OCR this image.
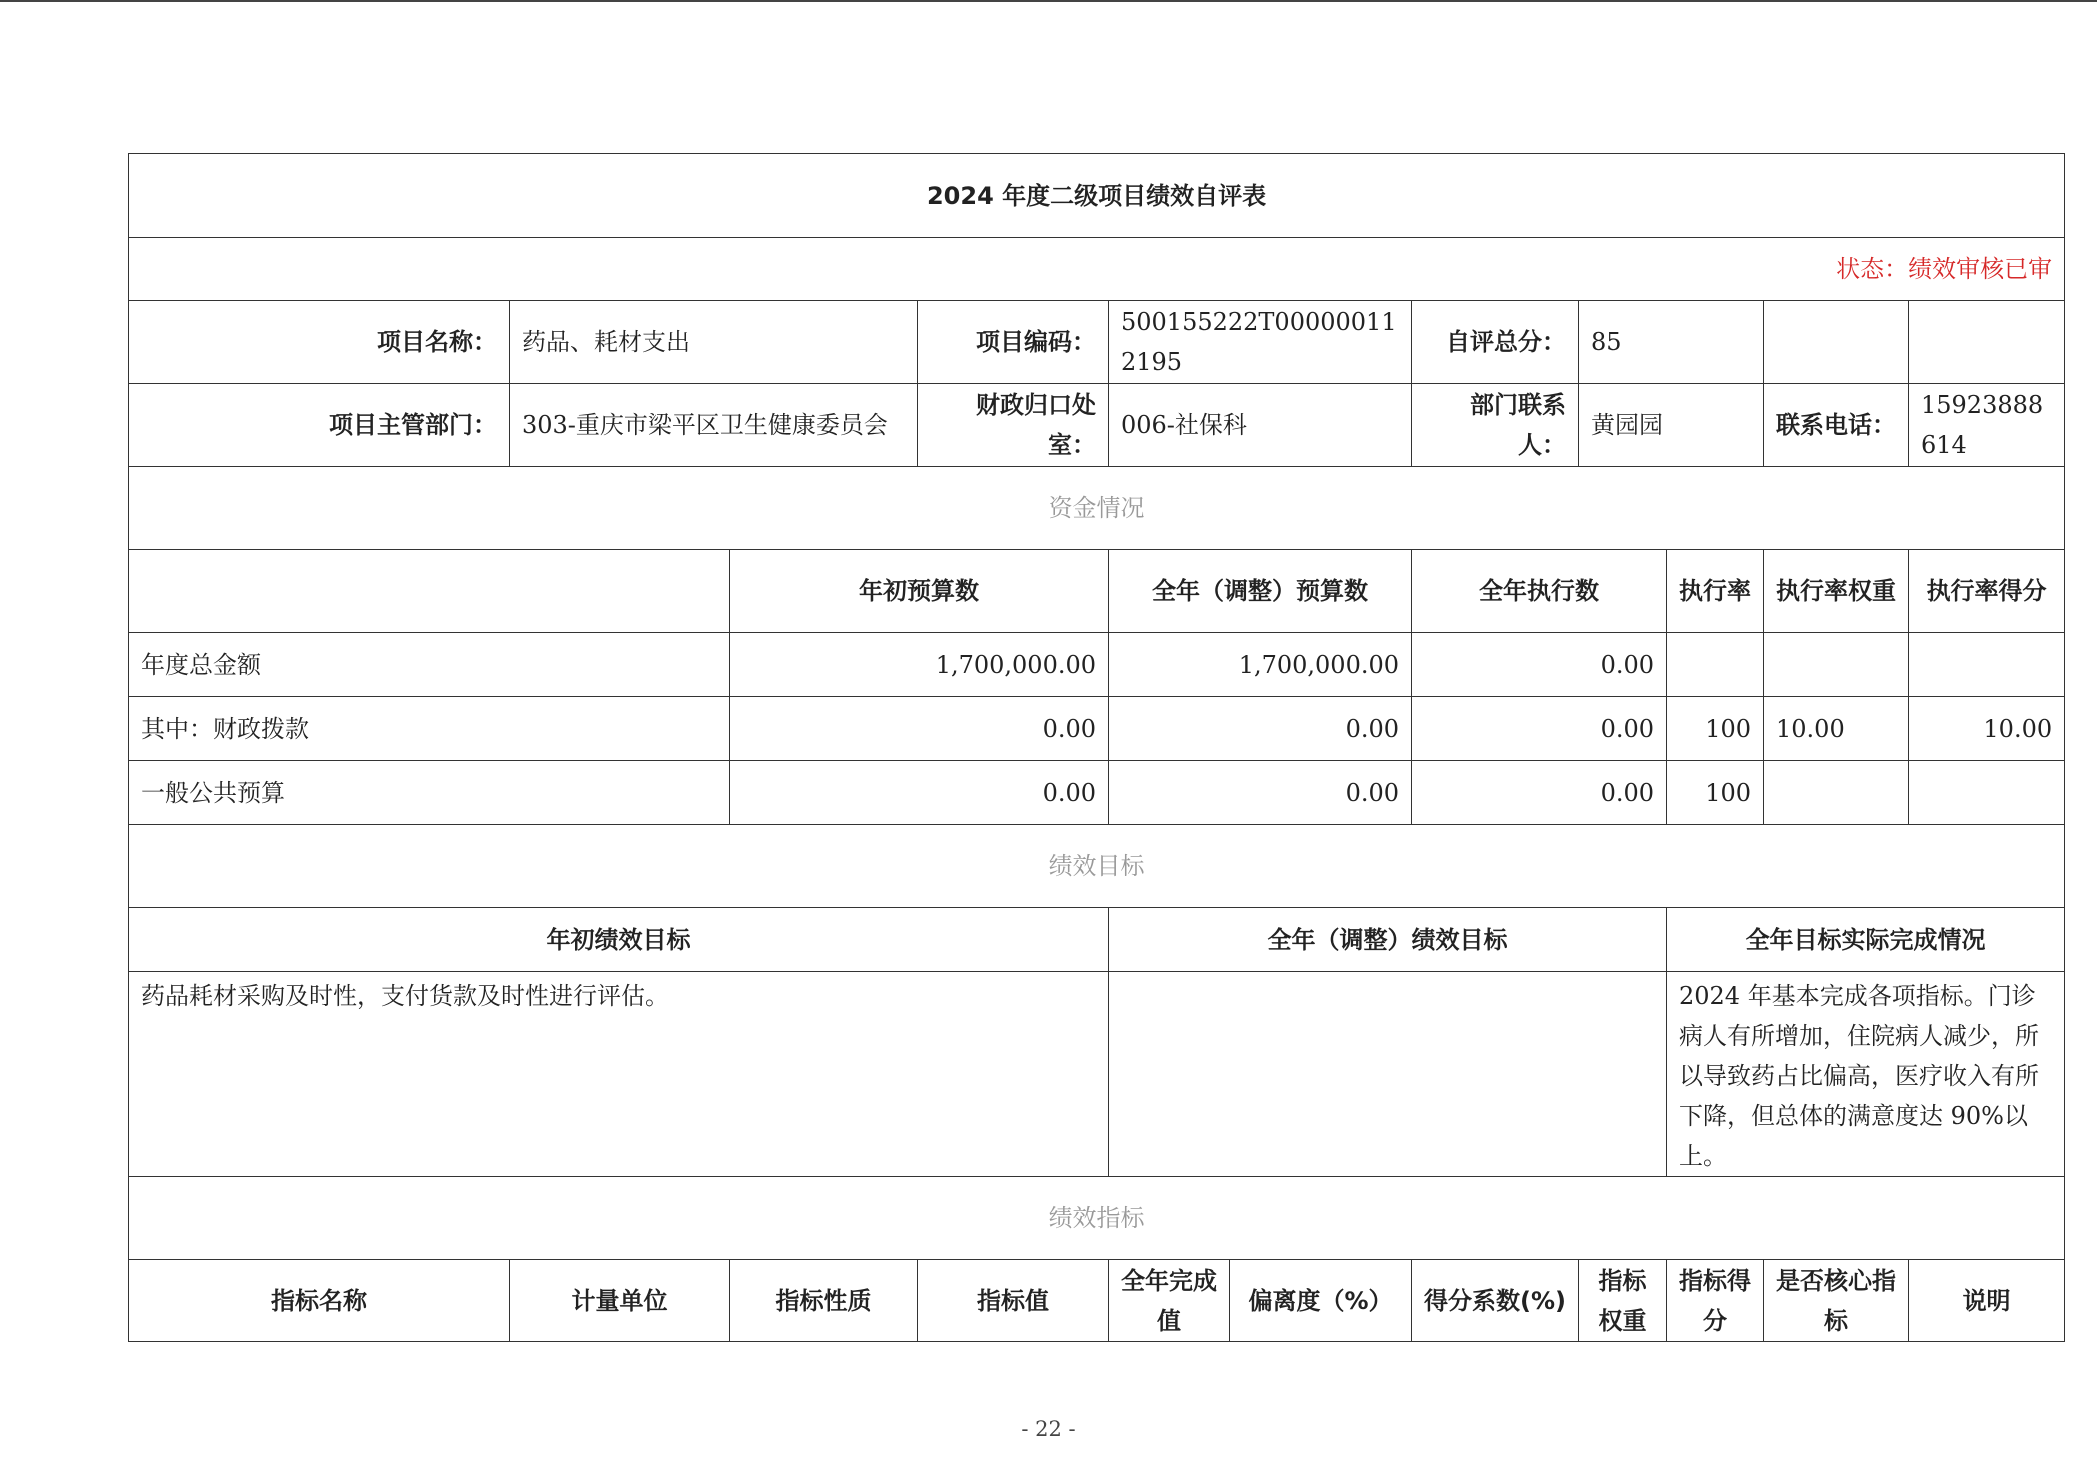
2024 年度二级项目绩效自评表										
状态：绩效审核已审										
项目名称：	药品、耗材支出		项目编码：	500155222T000000112195		自评总分：	85			
项目主管部门：	303-重庆市梁平区卫生健康委员会		财政归口处室：	006-社保科		部门联系人：	黄园园		联系电话：	15923888614
资金情况										
		年初预算数		全年（调整）预算数		全年执行数		执行率	执行率权重	执行率得分
年度总金额		1,700,000.00		1,700,000.00		0.00				
其中：财政拨款		0.00		0.00		0.00		100	10.00	10.00
一般公共预算		0.00		0.00		0.00		100		
绩效目标										
年初绩效目标				全年（调整）绩效目标				全年目标实际完成情况		
药品耗材采购及时性，支付货款及时性进行评估。								2024 年基本完成各项指标。门诊病人有所增加，住院病人减少，所以导致药占比偏高，医疗收入有所下降，但总体的满意度达 90%以上。		
绩效指标										
指标名称	计量单位	指标性质	指标值	全年完成值	偏离度（%）	得分系数(%)	指标权重	指标得分	是否核心指标	说明
- 22 -
